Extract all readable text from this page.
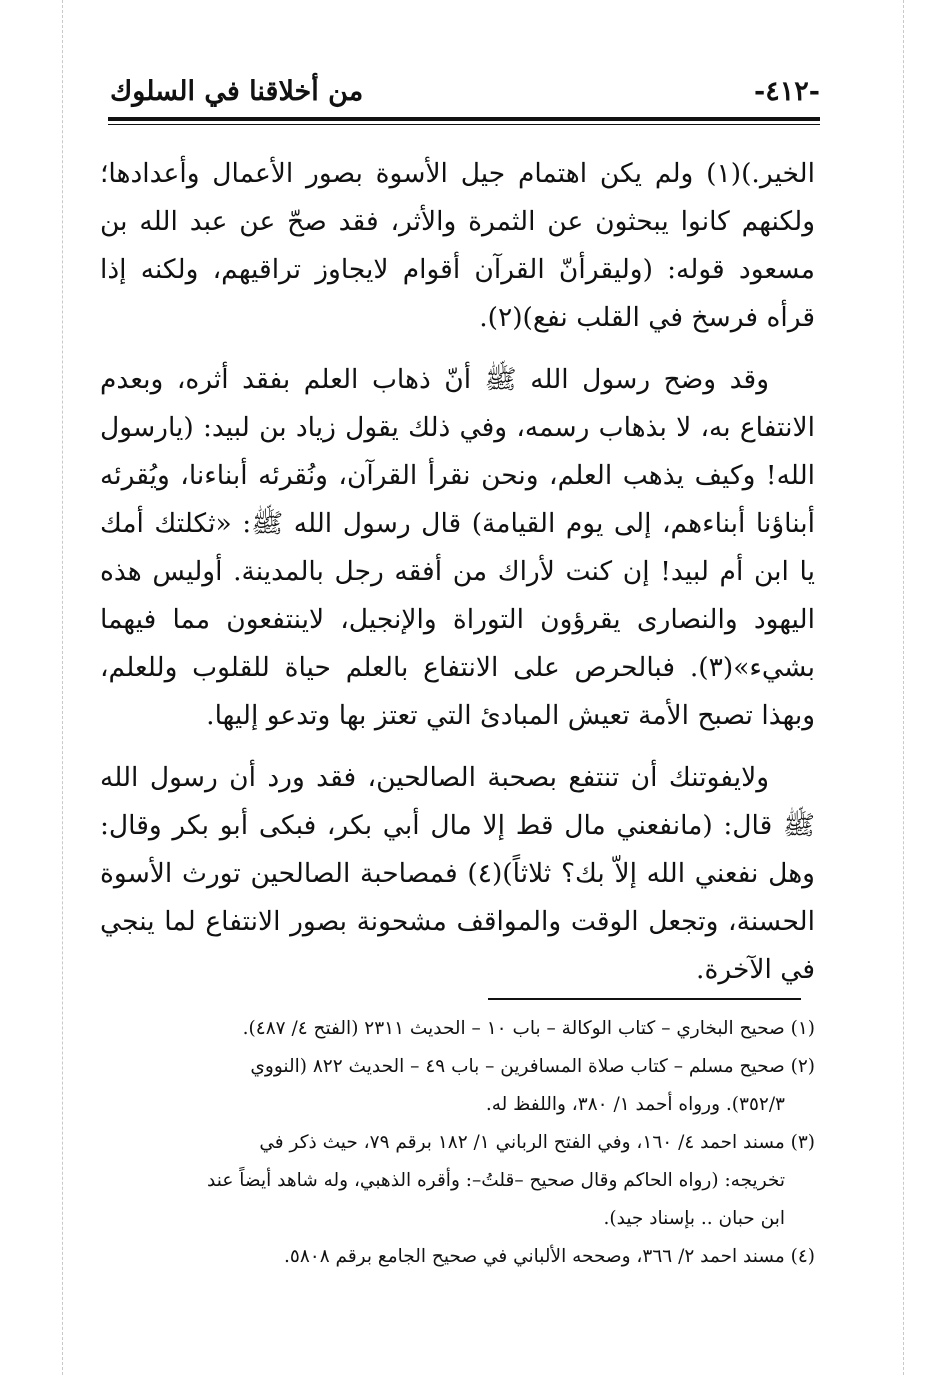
-٤١٢-
من أخلاقنا في السلوك

الخير.)(١) ولم يكن اهتمام جيل الأسوة بصور الأعمال وأعدادها؛ ولكنهم كانوا يبحثون عن الثمرة والأثر، فقد صحّ عن عبد الله بن مسعود قوله: (وليقرأنّ القرآن أقوام لايجاوز تراقيهم، ولكنه إذا قرأه فرسخ في القلب نفع)(٢).

وقد وضح رسول الله ﷺ أنّ ذهاب العلم بفقد أثره، وبعدم الانتفاع به، لا بذهاب رسمه، وفي ذلك يقول زياد بن لبيد: (يارسول الله! وكيف يذهب العلم، ونحن نقرأ القرآن، ونُقرئه أبناءنا، ويُقرئه أبناؤنا أبناءهم، إلى يوم القيامة) قال رسول الله ﷺ: «ثكلتك أمك يا ابن أم لبيد! إن كنت لأراك من أفقه رجل بالمدينة. أوليس هذه اليهود والنصارى يقرؤون التوراة والإنجيل، لاينتفعون مما فيهما بشيء»(٣). فبالحرص على الانتفاع بالعلم حياة للقلوب وللعلم، وبهذا تصبح الأمة تعيش المبادئ التي تعتز بها وتدعو إليها.

ولايفوتنك أن تنتفع بصحبة الصالحين، فقد ورد أن رسول الله ﷺ قال: (مانفعني مال قط إلا مال أبي بكر، فبكى أبو بكر وقال: وهل نفعني الله إلاّ بك؟ ثلاثاً)(٤) فمصاحبة الصالحين تورث الأسوة الحسنة، وتجعل الوقت والمواقف مشحونة بصور الانتفاع لما ينجي في الآخرة.

(١) صحيح البخاري – كتاب الوكالة – باب ١٠ – الحديث ٢٣١١ (الفتح ٤/ ٤٨٧).

(٢) صحيح مسلم – كتاب صلاة المسافرين – باب ٤٩ – الحديث ٨٢٢ (النووي

٣٥٢/٣). ورواه أحمد ١/ ٣٨٠، واللفظ له.

(٣) مسند احمد ٤/ ١٦٠، وفي الفتح الرباني ١/ ١٨٢ برقم ٧٩، حيث ذكر في

تخريجه: (رواه الحاكم وقال صحيح –قلتُ–: وأقره الذهبي، وله شاهد أيضاً عند

ابن حبان .. بإسناد جيد).

(٤) مسند احمد ٢/ ٣٦٦، وصححه الألباني في صحيح الجامع برقم ٥٨٠٨.
